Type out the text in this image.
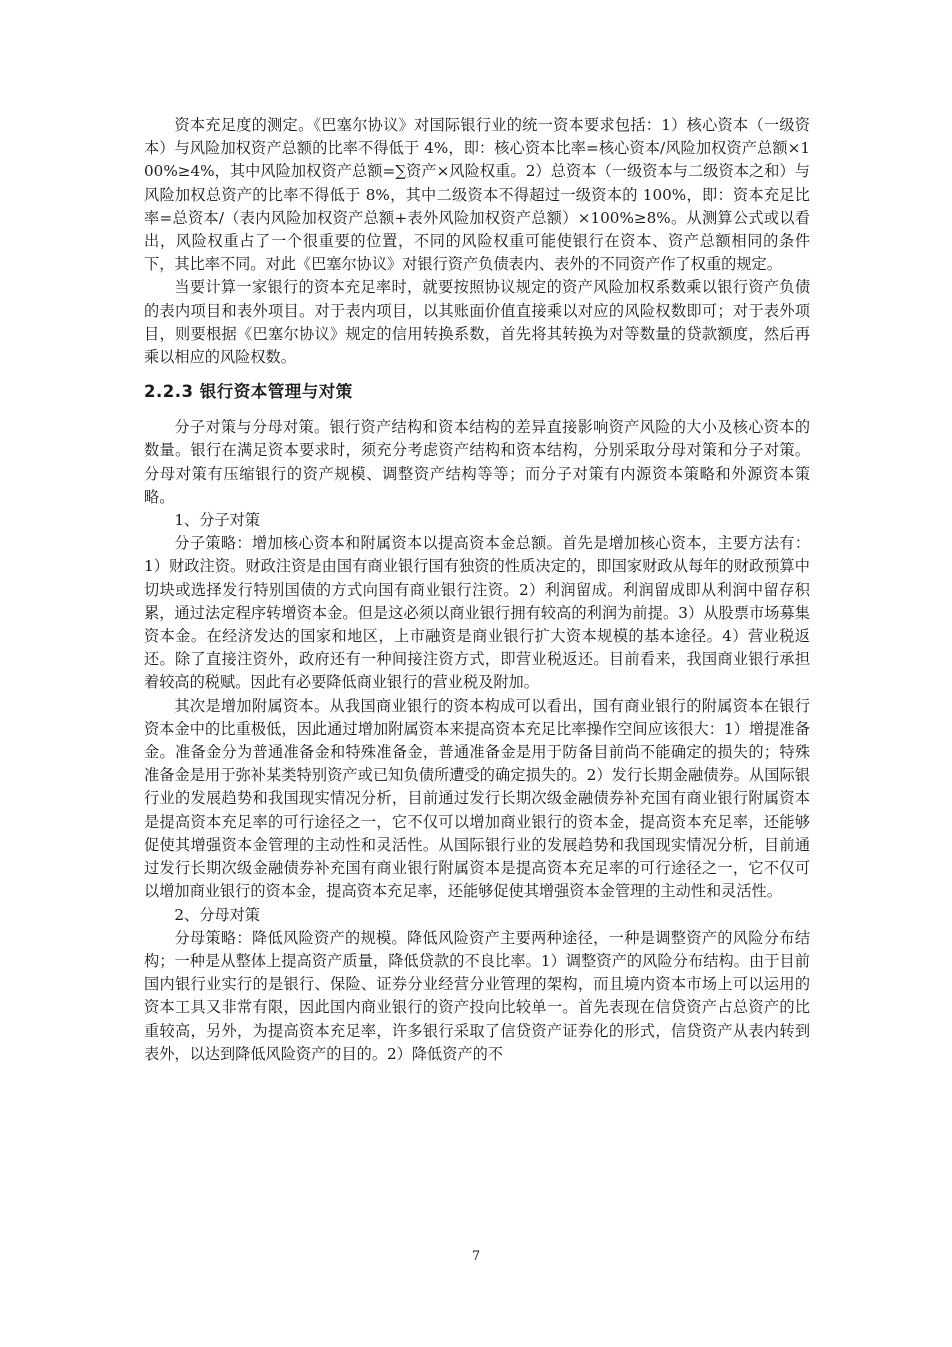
资本充足度的测定。《巴塞尔协议》对国际银行业的统一资本要求包括：1）核心资本（一级资本）与风险加权资产总额的比率不得低于 4%，即：核心资本比率=核心资本/风险加权资产总额×100%≥4%，其中风险加权资产总额=∑资产×风险权重。2）总资本（一级资本与二级资本之和）与风险加权总资产的比率不得低于 8%，其中二级资本不得超过一级资本的 100%，即：资本充足比率=总资本/（表内风险加权资产总额+表外风险加权资产总额）×100%≥8%。从测算公式或以看出，风险权重占了一个很重要的位置，不同的风险权重可能使银行在资本、资产总额相同的条件下，其比率不同。对此《巴塞尔协议》对银行资产负债表内、表外的不同资产作了权重的规定。

当要计算一家银行的资本充足率时，就要按照协议规定的资产风险加权系数乘以银行资产负债的表内项目和表外项目。对于表内项目，以其账面价值直接乘以对应的风险权数即可；对于表外项目，则要根据《巴塞尔协议》规定的信用转换系数，首先将其转换为对等数量的贷款额度，然后再乘以相应的风险权数。

2.2.3 银行资本管理与对策

分子对策与分母对策。银行资产结构和资本结构的差异直接影响资产风险的大小及核心资本的数量。银行在满足资本要求时，须充分考虑资产结构和资本结构，分别采取分母对策和分子对策。分母对策有压缩银行的资产规模、调整资产结构等等；而分子对策有内源资本策略和外源资本策略。

1、分子对策

分子策略：增加核心资本和附属资本以提高资本金总额。首先是增加核心资本，主要方法有：1）财政注资。财政注资是由国有商业银行国有独资的性质决定的，即国家财政从每年的财政预算中切块或选择发行特别国债的方式向国有商业银行注资。2）利润留成。利润留成即从利润中留存积累，通过法定程序转增资本金。但是这必须以商业银行拥有较高的利润为前提。3）从股票市场募集资本金。在经济发达的国家和地区，上市融资是商业银行扩大资本规模的基本途径。4）营业税返还。除了直接注资外，政府还有一种间接注资方式，即营业税返还。目前看来，我国商业银行承担着较高的税赋。因此有必要降低商业银行的营业税及附加。

其次是增加附属资本。从我国商业银行的资本构成可以看出，国有商业银行的附属资本在银行资本金中的比重极低，因此通过增加附属资本来提高资本充足比率操作空间应该很大：1）增提准备金。准备金分为普通准备金和特殊准备金，普通准备金是用于防备目前尚不能确定的损失的；特殊准备金是用于弥补某类特别资产或已知负债所遭受的确定损失的。2）发行长期金融债券。从国际银行业的发展趋势和我国现实情况分析，目前通过发行长期次级金融债券补充国有商业银行附属资本是提高资本充足率的可行途径之一，它不仅可以增加商业银行的资本金，提高资本充足率，还能够促使其增强资本金管理的主动性和灵活性。从国际银行业的发展趋势和我国现实情况分析，目前通过发行长期次级金融债券补充国有商业银行附属资本是提高资本充足率的可行途径之一，它不仅可以增加商业银行的资本金，提高资本充足率，还能够促使其增强资本金管理的主动性和灵活性。

2、分母对策

分母策略：降低风险资产的规模。降低风险资产主要两种途径，一种是调整资产的风险分布结构；一种是从整体上提高资产质量，降低贷款的不良比率。1）调整资产的风险分布结构。由于目前国内银行业实行的是银行、保险、证券分业经营分业管理的架构，而且境内资本市场上可以运用的资本工具又非常有限，因此国内商业银行的资产投向比较单一。首先表现在信贷资产占总资产的比重较高，另外，为提高资本充足率，许多银行采取了信贷资产证券化的形式，信贷资产从表内转到表外，以达到降低风险资产的目的。2）降低资产的不

7
